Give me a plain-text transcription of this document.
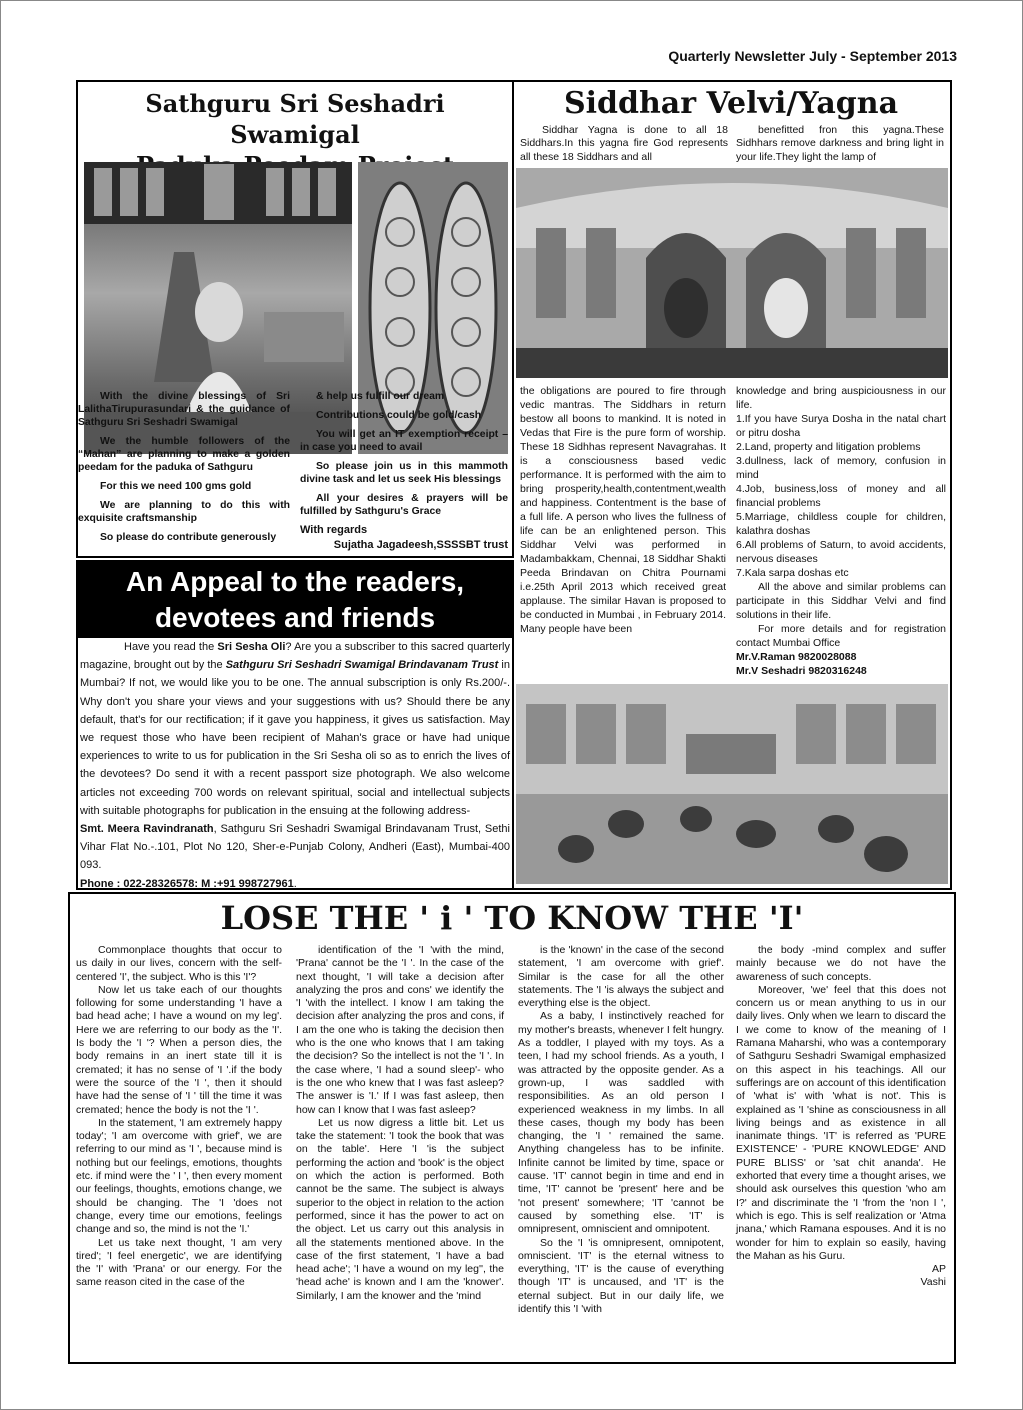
Quarterly Newsletter July - September 2013
Sathguru Sri Seshadri Swamigal

With the divine blessings of Sri LalithaTirupurasundari & the guidance of Sathguru Sri Seshadri Swamigal

We the humble followers of the “Mahan” are planning to make a golden peedam for the paduka of Sathguru

For this we need 100 gms gold

We are planning to do this with exquisite craftsmanship

So please do contribute generously

& help us fulfill our dream

Contributions could be gold/cash

You will get an IT exemption receipt – in case you need to avail

So please join us in this mammoth divine task and let us seek His blessings

All your desires & prayers will be fulfilled by Sathguru's Grace

With regards

Sujatha Jagadeesh,SSSSBT trust

An Appeal to the readers,
devotees and friends
Have you read the Sri Sesha Oli? Are you a subscriber to this sacred quarterly magazine, brought out by the Sathguru Sri Seshadri Swamigal Brindavanam Trust in Mumbai? If not, we would like you to be one. The annual subscription is only Rs.200/-. Why don't you share your views and your suggestions with us? Should there be any default, that's for our rectification; if it gave you happiness, it gives us satisfaction. May we request those who have been recipient of Mahan's grace or have had unique experiences to write to us for publication in the Sri Sesha oli so as to enrich the lives of the devotees? Do send it with a recent passport size photograph. We also welcome articles not exceeding 700 words on relevant spiritual, social and intellectual subjects with suitable photographs for publication in the ensuing at the following address-
Smt. Meera Ravindranath, Sathguru Sri Seshadri Swamigal Brindavanam Trust, Sethi Vihar Flat No.-.101, Plot No 120, Sher-e-Punjab Colony, Andheri (East), Mumbai-400 093.
Phone : 022-28326578: M :+91 998727961.
Siddhar Velvi/Yagna
Siddhar Yagna is done to all 18 Siddhars.In this yagna fire God represents all these 18 Siddhars and all
benefitted fron this yagna.These Sidhhars remove darkness and bring light in your life.They light the lamp of
the obligations are poured to fire through vedic mantras. The Siddhars in return bestow all boons to mankind. It is noted in Vedas that Fire is the pure form of worship. These 18 Sidhhas represent Navagrahas. It is a consciousness based vedic performance. It is performed with the aim to bring prosperity,health,contentment,wealth and happiness. Contentment is the base of a full life. A person who lives the fullness of life can be an enlightened person. This Siddhar Velvi was performed in Madambakkam, Chennai, 18 Siddhar Shakti Peeda Brindavan on Chitra Pournami i.e.25th April 2013 which received great applause. The similar Havan is proposed to be conducted in Mumbai , in February 2014. Many people have been

knowledge and bring auspiciousness in our life.

1.If you have Surya Dosha in the natal chart or pitru dosha

2.Land, property and litigation problems

3.dullness, lack of memory, confusion in mind

4.Job, business,loss of money and all financial problems

5.Marriage, childless couple for children, kalathra doshas

6.All problems of Saturn, to avoid accidents, nervous diseases

7.Kala sarpa doshas etc

All the above and similar problems can participate in this Siddhar Velvi and find solutions in their life.

For more details and for registration contact Mumbai Office

Mr.V.Raman 9820028088

Mr.V Seshadri 9820316248

LOSE THE ' i ' TO KNOW THE 'I'

Commonplace thoughts that occur to us daily in our lives, concern with the self-centered 'I', the subject. Who is this 'I'?

Now let us take each of our thoughts following for some understanding 'I have a bad head ache; I have a wound on my leg'. Here we are referring to our body as the 'I'. Is body the 'I '? When a person dies, the body remains in an inert state till it is cremated; it has no sense of 'I '.if the body were the source of the 'I ', then it should have had the sense of 'I ' till the time it was cremated; hence the body is not the 'I '.

In the statement, 'I am extremely happy today'; 'I am overcome with grief', we are referring to our mind as 'I ', because mind is nothing but our feelings, emotions, thoughts etc. if mind were the ' I ', then every moment our feelings, thoughts, emotions change, we should be changing. The 'I 'does not change, every time our emotions, feelings change and so, the mind is not the 'I.'

Let us take next thought, 'I am very tired'; 'I feel energetic', we are identifying the 'I' with 'Prana' or our energy. For the same reason cited in the case of the

identification of the 'I 'with the mind, 'Prana' cannot be the 'I '. In the case of the next thought, 'I will take a decision after analyzing the pros and cons' we identify the 'I 'with the intellect. I know I am taking the decision after analyzing the pros and cons, if I am the one who is taking the decision then who is the one who knows that I am taking the decision? So the intellect is not the 'I '. In the case where, 'I had a sound sleep'- who is the one who knew that I was fast asleep? The answer is 'I.' If I was fast asleep, then how can I know that I was fast asleep?

Let us now digress a little bit. Let us take the statement: 'I took the book that was on the table'. Here 'I 'is the subject performing the action and 'book' is the object on which the action is performed. Both cannot be the same. The subject is always superior to the object in relation to the action performed, since it has the power to act on the object. Let us carry out this analysis in all the statements mentioned above. In the case of the first statement, 'I have a bad head ache'; 'I have a wound on my leg'', the 'head ache' is known and I am the 'knower'. Similarly, I am the knower and the 'mind

is the 'known' in the case of the second statement, 'I am overcome with grief'. Similar is the case for all the other statements. The 'I 'is always the subject and everything else is the object.

As a baby, I instinctively reached for my mother's breasts, whenever I felt hungry. As a toddler, I played with my toys. As a teen, I had my school friends. As a youth, I was attracted by the opposite gender. As a grown-up, I was saddled with responsibilities. As an old person I experienced weakness in my limbs. In all these cases, though my body has been changing, the 'I ' remained the same. Anything changeless has to be infinite. Infinite cannot be limited by time, space or cause. 'IT' cannot begin in time and end in time, 'IT' cannot be 'present' here and be 'not present' somewhere; 'IT 'cannot be caused by something else. 'IT' is omnipresent, omniscient and omnipotent.

So the 'I 'is omnipresent, omnipotent, omniscient. 'IT' is the eternal witness to everything, 'IT' is the cause of everything though 'IT' is uncaused, and 'IT' is the eternal subject. But in our daily life, we identify this 'I 'with

the body -mind complex and suffer mainly because we do not have the awareness of such concepts.

Moreover, 'we' feel that this does not concern us or mean anything to us in our daily lives. Only when we learn to discard the I we come to know of the meaning of I Ramana Maharshi, who was a contemporary of Sathguru Seshadri Swamigal emphasized on this aspect in his teachings. All our sufferings are on account of this identification of 'what is' with 'what is not'. This is explained as 'I 'shine as consciousness in all living beings and as existence in all inanimate things. 'IT' is referred as 'PURE EXISTENCE' - 'PURE KNOWLEDGE' AND PURE BLISS' or 'sat chit ananda'. He exhorted that every time a thought arises, we should ask ourselves this question 'who am I?' and discriminate the 'I 'from the 'non I ', which is ego. This is self realization or 'Atma jnana,' which Ramana espouses. And it is no wonder for him to explain so easily, having the Mahan as his Guru.

AP

Vashi
